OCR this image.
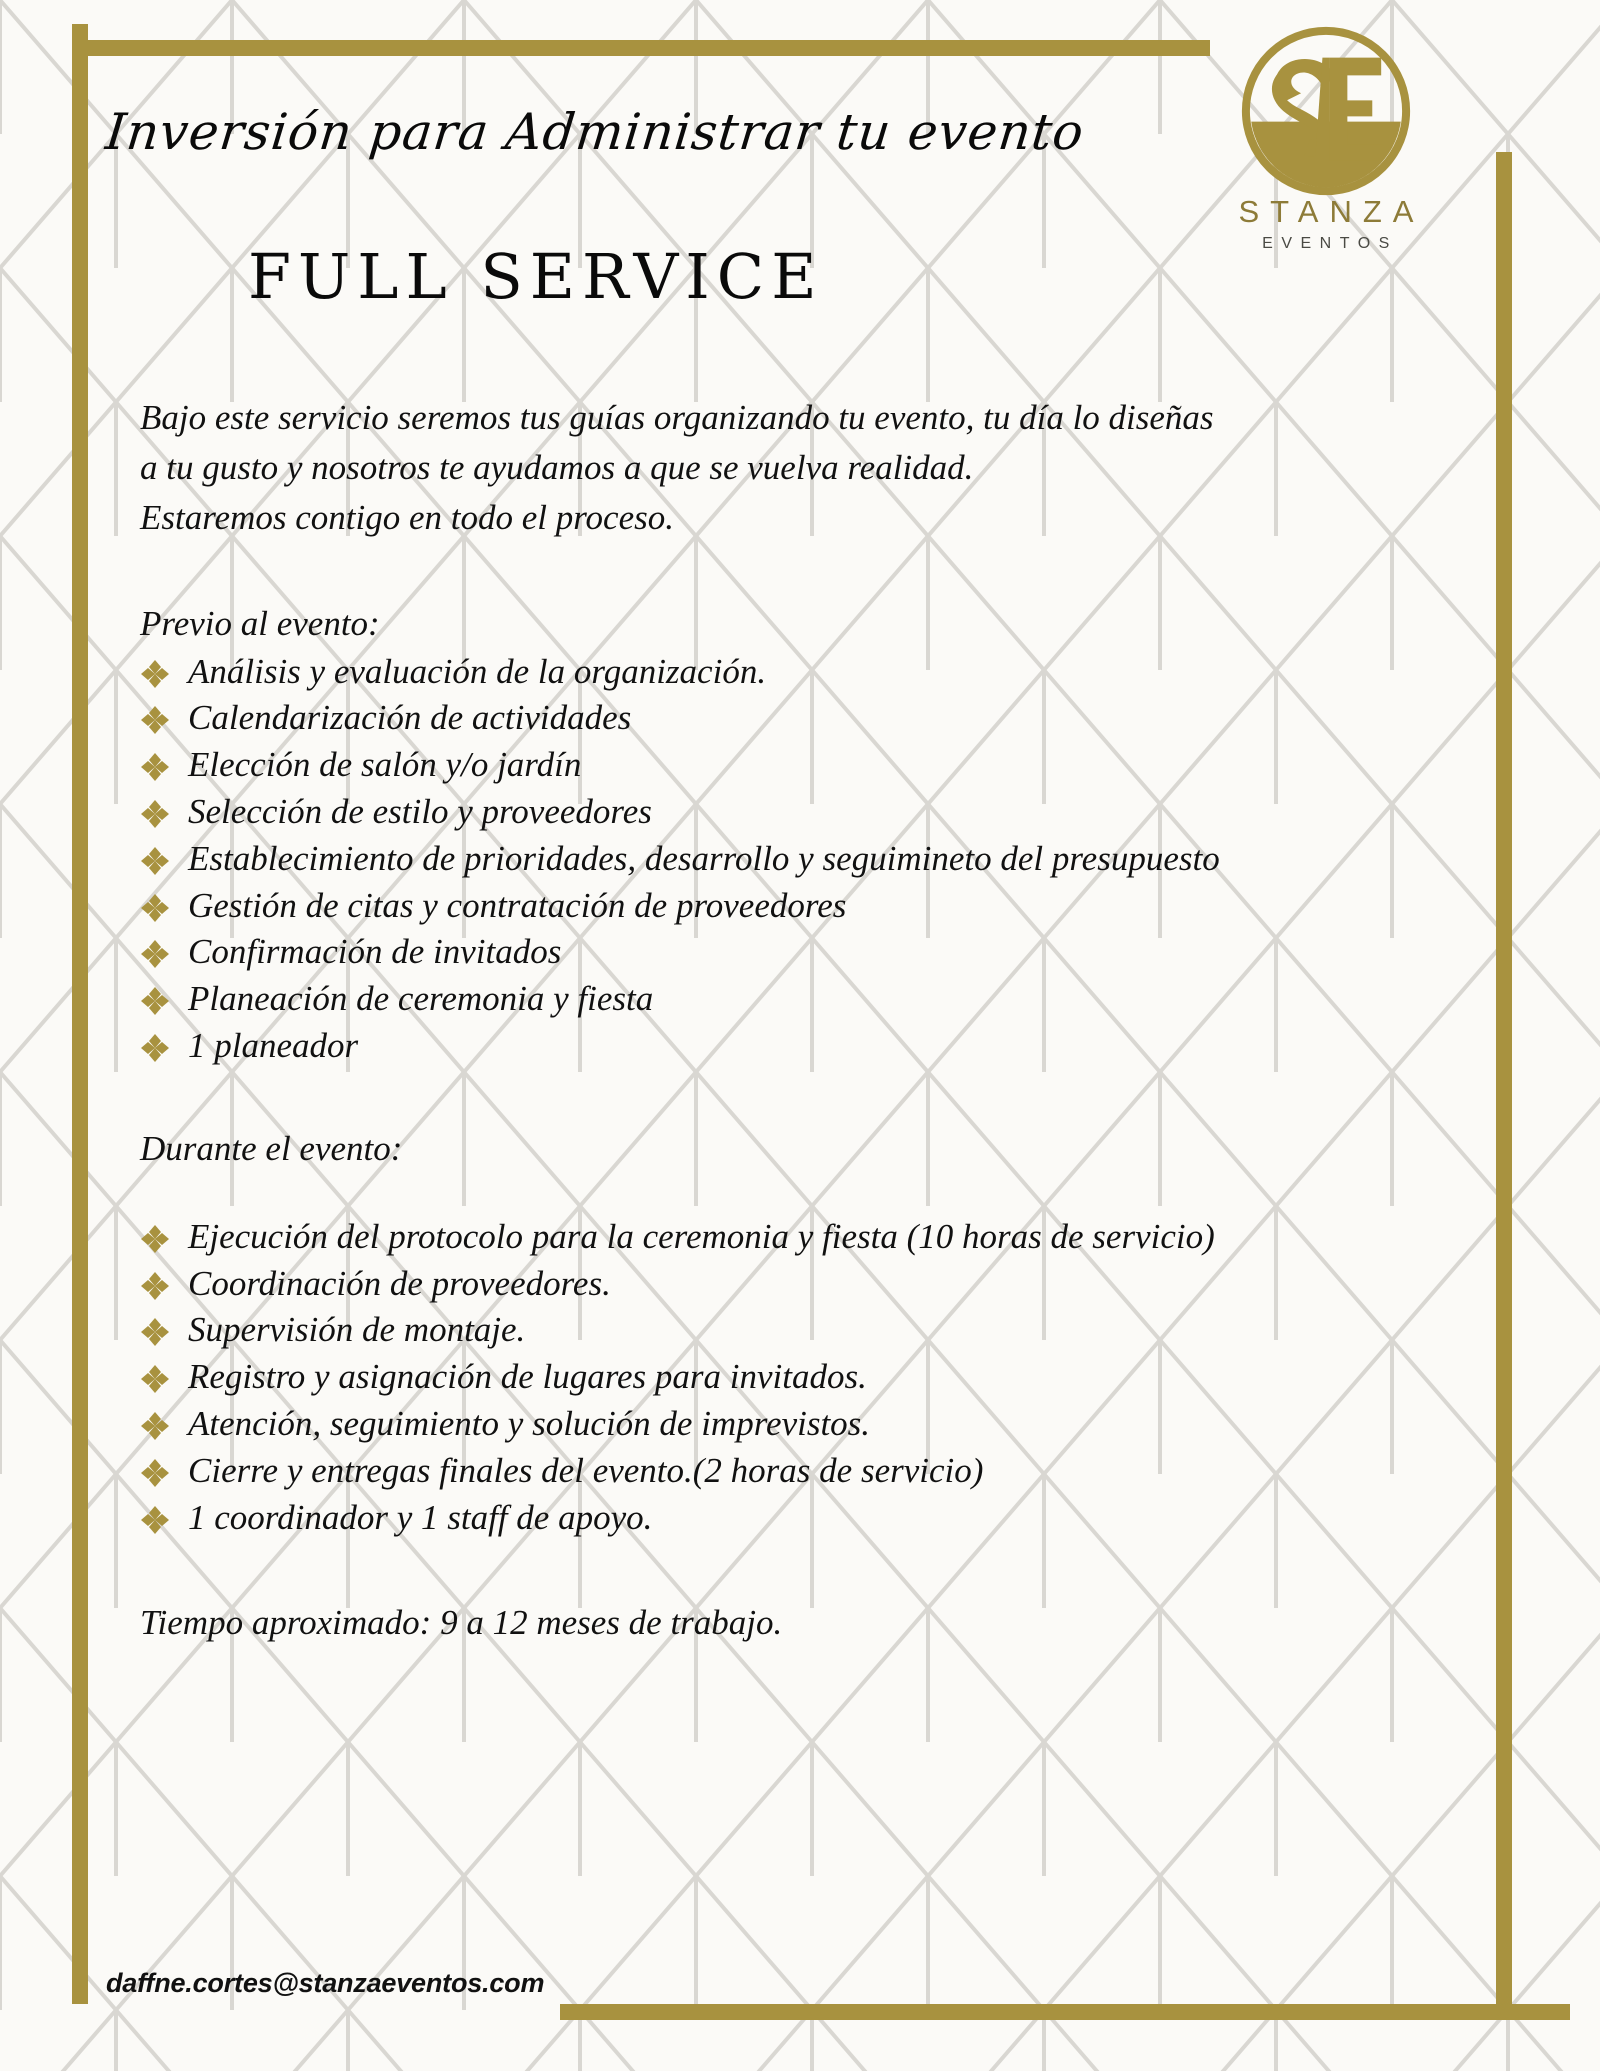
STANZA
EVENTOS
Inversión para Administrar tu evento
FULL SERVICE

Bajo este servicio seremos tus guías organizando tu evento, tu día lo diseñas

a tu gusto y nosotros te ayudamos a que se vuelva realidad.

Estaremos contigo en todo el proceso.

Previo al evento:
Análisis y evaluación de la organización.
Calendarización de actividades
Elección de salón y/o jardín
Selección de estilo y proveedores
Establecimiento de prioridades, desarrollo y seguimineto del presupuesto
Gestión de citas y contratación de proveedores
Confirmación de invitados
Planeación de ceremonia y fiesta
1 planeador
Durante el evento:
Ejecución del protocolo para la ceremonia y fiesta (10 horas de servicio)
Coordinación de proveedores.
Supervisión de montaje.
Registro y asignación de lugares para invitados.
Atención, seguimiento y solución de imprevistos.
Cierre y entregas finales del evento.(2 horas de servicio)
1 coordinador y 1 staff de apoyo.

Tiempo aproximado: 9 a 12 meses de trabajo.

daffne.cortes@stanzaeventos.com
